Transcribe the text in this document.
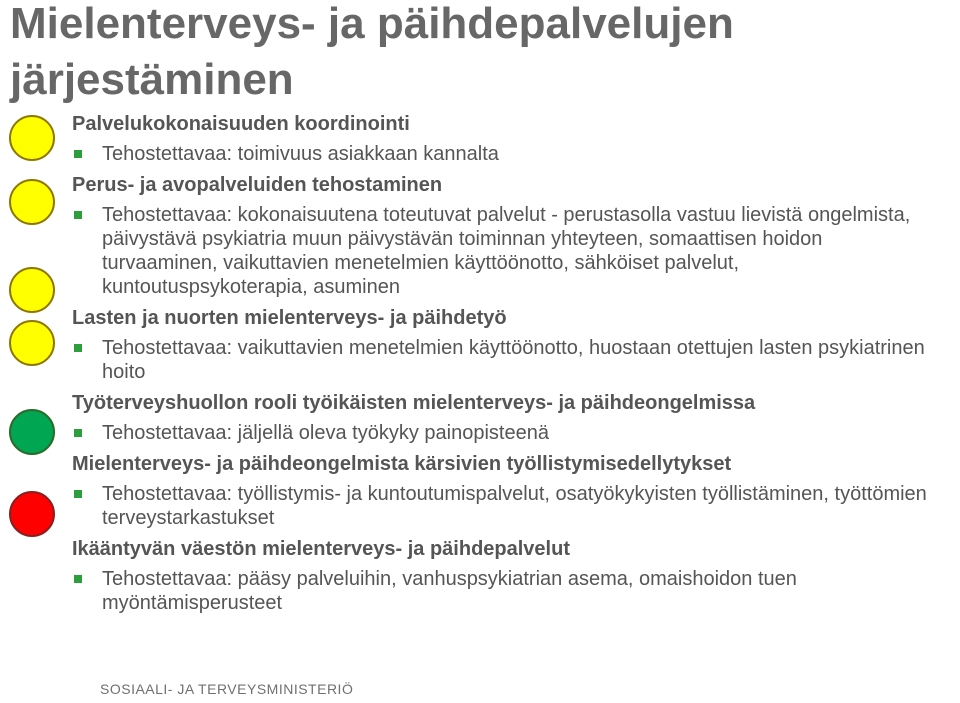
Mielenterveys- ja päihdepalvelujen järjestäminen

Palvelukokonaisuuden koordinointi

Tehostettavaa: toimivuus asiakkaan kannalta

Perus- ja avopalveluiden tehostaminen

Tehostettavaa: kokonaisuutena toteutuvat palvelut - perustasolla vastuu lievistä ongelmista, päivystävä psykiatria muun päivystävän toiminnan yhteyteen, somaattisen hoidon turvaaminen, vaikuttavien menetelmien käyttöönotto, sähköiset palvelut, kuntoutuspsykoterapia, asuminen

Lasten ja nuorten mielenterveys- ja päihdetyö

Tehostettavaa: vaikuttavien menetelmien käyttöönotto, huostaan otettujen lasten psykiatrinen hoito

Työterveyshuollon rooli työikäisten mielenterveys- ja päihdeongelmissa

Tehostettavaa: jäljellä oleva työkyky painopisteenä

Mielenterveys- ja päihdeongelmista kärsivien työllistymisedellytykset

Tehostettavaa: työllistymis- ja kuntoutumispalvelut, osatyökykyisten työllistäminen, työttömien terveystarkastukset

Ikääntyvän väestön mielenterveys- ja päihdepalvelut

Tehostettavaa: pääsy palveluihin, vanhuspsykiatrian asema, omaishoidon tuen myöntämisperusteet

SOSIAALI- JA TERVEYSMINISTERIÖ
